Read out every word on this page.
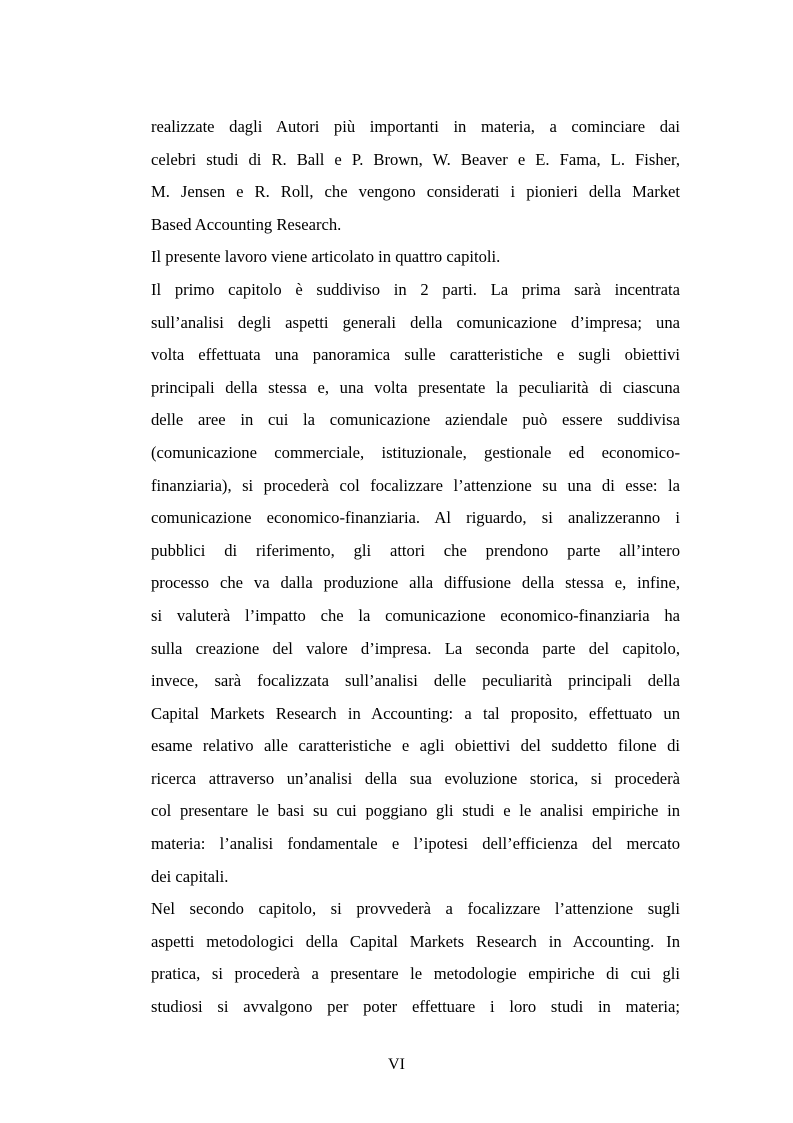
realizzate dagli Autori più importanti in materia, a cominciare dai
celebri studi di R. Ball e P. Brown, W. Beaver e E. Fama, L. Fisher,
M. Jensen e R. Roll, che vengono considerati i pionieri della Market
Based Accounting Research.
Il presente lavoro viene articolato in quattro capitoli.
Il primo capitolo è suddiviso in 2 parti. La prima sarà incentrata
sull’analisi degli aspetti generali della comunicazione d’impresa; una
volta effettuata una panoramica sulle caratteristiche e sugli obiettivi
principali della stessa e, una volta presentate la peculiarità di ciascuna
delle aree in cui la comunicazione aziendale può essere suddivisa
(comunicazione commerciale, istituzionale, gestionale ed economico-
finanziaria), si procederà col focalizzare l’attenzione su una di esse: la
comunicazione economico-finanziaria. Al riguardo, si analizzeranno i
pubblici di riferimento, gli attori che prendono parte all’intero
processo che va dalla produzione alla diffusione della stessa e, infine,
si valuterà l’impatto che la comunicazione economico-finanziaria ha
sulla creazione del valore d’impresa. La seconda parte del capitolo,
invece, sarà focalizzata sull’analisi delle peculiarità principali della
Capital Markets Research in Accounting: a tal proposito, effettuato un
esame relativo alle caratteristiche e agli obiettivi del suddetto filone di
ricerca attraverso un’analisi della sua evoluzione storica, si procederà
col presentare le basi su cui poggiano gli studi e le analisi empiriche in
materia: l’analisi fondamentale e l’ipotesi dell’efficienza del mercato
dei capitali.
Nel secondo capitolo, si provvederà a focalizzare l’attenzione sugli
aspetti metodologici della Capital Markets Research in Accounting. In
pratica, si procederà a presentare le metodologie empiriche di cui gli
studiosi si avvalgono per poter effettuare i loro studi in materia;
VI
